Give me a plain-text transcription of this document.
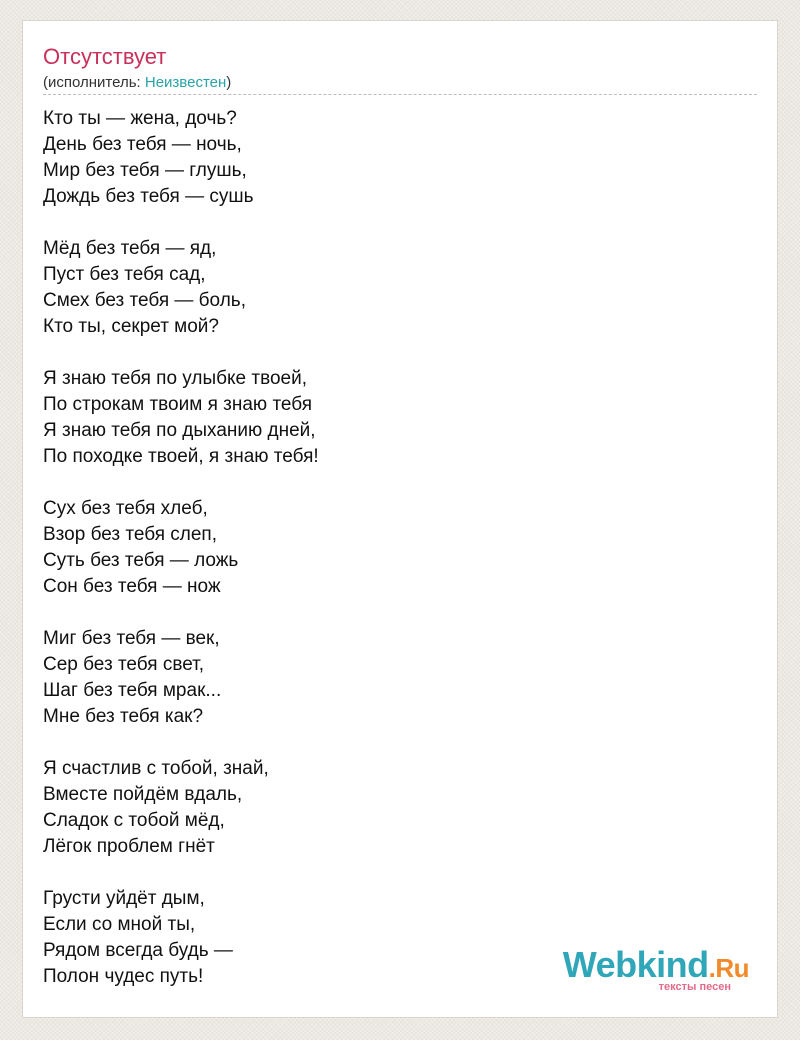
Отсутствует
(исполнитель: Неизвестен)
Кто ты — жена, дочь?
День без тебя — ночь,
Мир без тебя — глушь,
Дождь без тебя — сушь
Мёд без тебя — яд,
Пуст без тебя сад,
Смех без тебя — боль,
Кто ты, секрет мой?
Я знаю тебя по улыбке твоей,
По строкам твоим я знаю тебя
Я знаю тебя по дыханию дней,
По походке твоей, я знаю тебя!
Сух без тебя хлеб,
Взор без тебя слеп,
Суть без тебя — ложь
Сон без тебя — нож
Миг без тебя — век,
Сер без тебя свет,
Шаг без тебя мрак...
Мне без тебя как?
Я счастлив с тобой, знай,
Вместе пойдём вдаль,
Сладок с тобой мёд,
Лёгок проблем гнёт
Грусти уйдёт дым,
Если со мной ты,
Рядом всегда будь —
Полон чудес путь!	Webkind.Ru
тексты песен
